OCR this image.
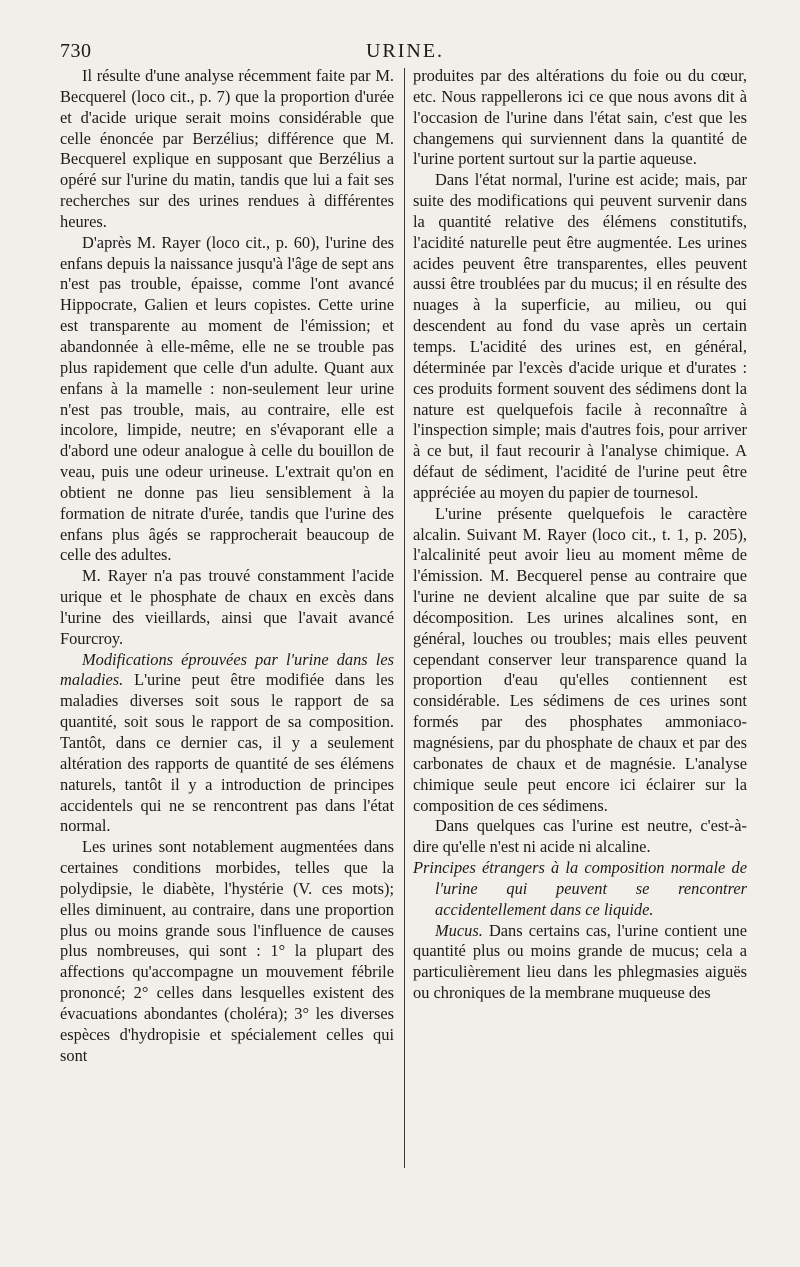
730	URINE.

Il résulte d'une analyse récemment faite par M. Becquerel (loco cit., p. 7) que la proportion d'urée et d'acide urique serait moins considérable que celle énoncée par Berzélius; différence que M. Becquerel explique en supposant que Berzélius a opéré sur l'urine du matin, tandis que lui a fait ses recherches sur des urines rendues à différentes heures.

D'après M. Rayer (loco cit., p. 60), l'urine des enfans depuis la naissance jusqu'à l'âge de sept ans n'est pas trouble, épaisse, comme l'ont avancé Hippocrate, Galien et leurs copistes. Cette urine est transparente au moment de l'émission; et abandonnée à elle-même, elle ne se trouble pas plus rapidement que celle d'un adulte. Quant aux enfans à la mamelle : non-seulement leur urine n'est pas trouble, mais, au contraire, elle est incolore, limpide, neutre; en s'évaporant elle a d'abord une odeur analogue à celle du bouillon de veau, puis une odeur urineuse. L'extrait qu'on en obtient ne donne pas lieu sensiblement à la formation de nitrate d'urée, tandis que l'urine des enfans plus âgés se rapprocherait beaucoup de celle des adultes.

M. Rayer n'a pas trouvé constamment l'acide urique et le phosphate de chaux en excès dans l'urine des vieillards, ainsi que l'avait avancé Fourcroy.

Modifications éprouvées par l'urine dans les maladies. L'urine peut être modifiée dans les maladies diverses soit sous le rapport de sa quantité, soit sous le rapport de sa composition. Tantôt, dans ce dernier cas, il y a seulement altération des rapports de quantité de ses élémens naturels, tantôt il y a introduction de principes accidentels qui ne se rencontrent pas dans l'état normal.

Les urines sont notablement augmentées dans certaines conditions morbides, telles que la polydipsie, le diabète, l'hystérie (V. ces mots); elles diminuent, au contraire, dans une proportion plus ou moins grande sous l'influence de causes plus nombreuses, qui sont : 1° la plupart des affections qu'accompagne un mouvement fébrile prononcé; 2° celles dans lesquelles existent des évacuations abondantes (choléra); 3° les diverses espèces d'hydropisie et spécialement celles qui sont

produites par des altérations du foie ou du cœur, etc. Nous rappellerons ici ce que nous avons dit à l'occasion de l'urine dans l'état sain, c'est que les changemens qui surviennent dans la quantité de l'urine portent surtout sur la partie aqueuse.

Dans l'état normal, l'urine est acide; mais, par suite des modifications qui peuvent survenir dans la quantité relative des élémens constitutifs, l'acidité naturelle peut être augmentée. Les urines acides peuvent être transparentes, elles peuvent aussi être troublées par du mucus; il en résulte des nuages à la superficie, au milieu, ou qui descendent au fond du vase après un certain temps. L'acidité des urines est, en général, déterminée par l'excès d'acide urique et d'urates : ces produits forment souvent des sédimens dont la nature est quelquefois facile à reconnaître à l'inspection simple; mais d'autres fois, pour arriver à ce but, il faut recourir à l'analyse chimique. A défaut de sédiment, l'acidité de l'urine peut être appréciée au moyen du papier de tournesol.

L'urine présente quelquefois le caractère alcalin. Suivant M. Rayer (loco cit., t. 1, p. 205), l'alcalinité peut avoir lieu au moment même de l'émission. M. Becquerel pense au contraire que l'urine ne devient alcaline que par suite de sa décomposition. Les urines alcalines sont, en général, louches ou troubles; mais elles peuvent cependant conserver leur transparence quand la proportion d'eau qu'elles contiennent est considérable. Les sédimens de ces urines sont formés par des phosphates ammoniaco-magnésiens, par du phosphate de chaux et par des carbonates de chaux et de magnésie. L'analyse chimique seule peut encore ici éclairer sur la composition de ces sédimens.

Dans quelques cas l'urine est neutre, c'est-à-dire qu'elle n'est ni acide ni alcaline.

Principes étrangers à la composition normale de l'urine qui peuvent se rencontrer accidentellement dans ce liquide.

Mucus. Dans certains cas, l'urine contient une quantité plus ou moins grande de mucus; cela a particulièrement lieu dans les phlegmasies aiguës ou chroniques de la membrane muqueuse des
